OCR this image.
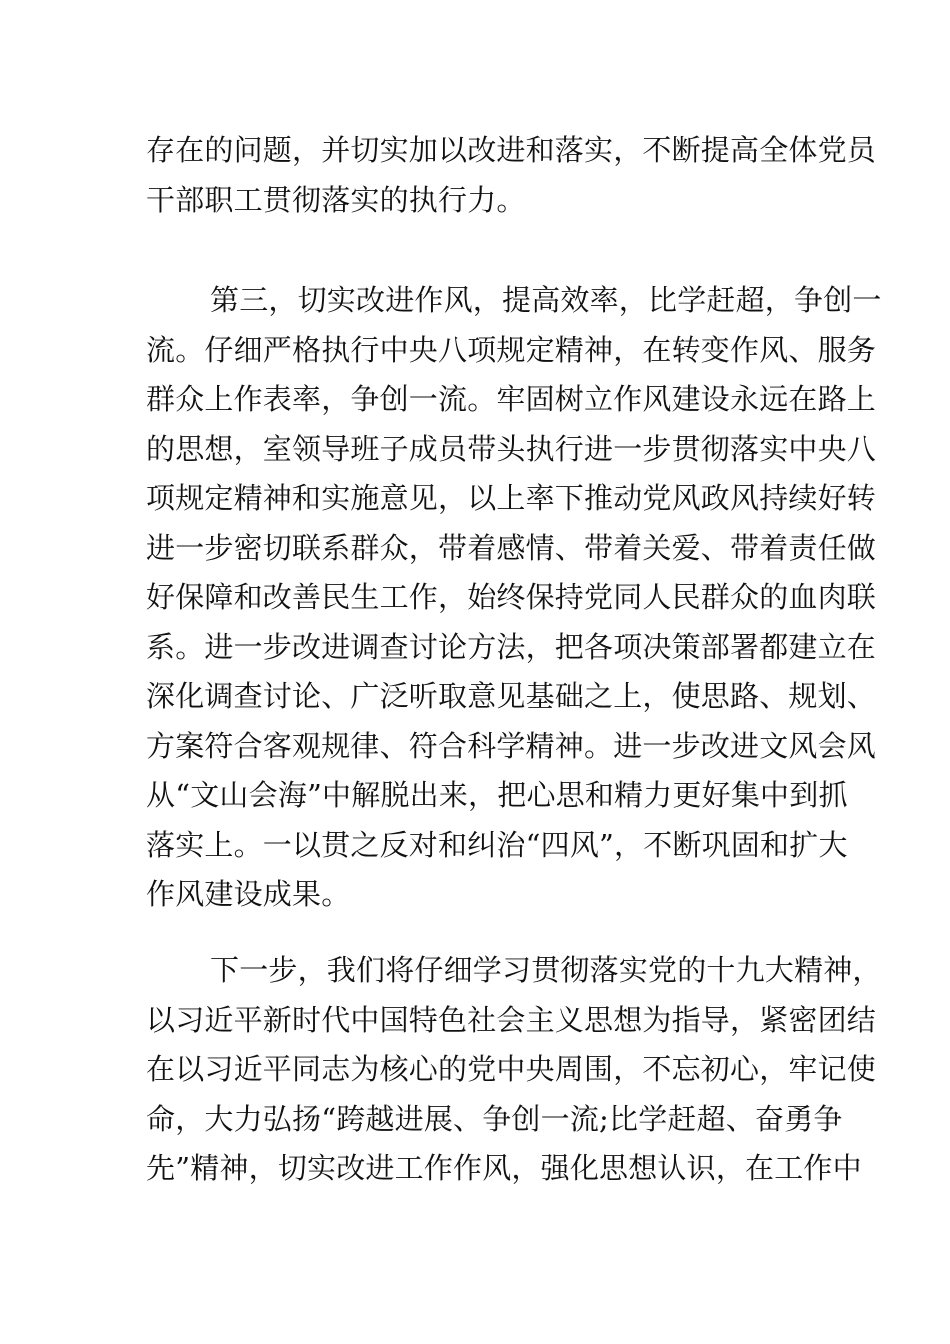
存在的问题，并切实加以改进和落实，不断提高全体党员
干部职工贯彻落实的执行力。
第三，切实改进作风，提高效率，比学赶超，争创一
流。仔细严格执行中央八项规定精神，在转变作风、服务
群众上作表率，争创一流。牢固树立作风建设永远在路上
的思想，室领导班子成员带头执行进一步贯彻落实中央八
项规定精神和实施意见，以上率下推动党风政风持续好转
进一步密切联系群众，带着感情、带着关爱、带着责任做
好保障和改善民生工作，始终保持党同人民群众的血肉联
系。进一步改进调查讨论方法，把各项决策部署都建立在
深化调查讨论、广泛听取意见基础之上，使思路、规划、
方案符合客观规律、符合科学精神。进一步改进文风会风
从“文山会海”中解脱出来，把心思和精力更好集中到抓
落实上。一以贯之反对和纠治“四风”，不断巩固和扩大
作风建设成果。
下一步，我们将仔细学习贯彻落实党的十九大精神，
以习近平新时代中国特色社会主义思想为指导，紧密团结
在以习近平同志为核心的党中央周围，不忘初心，牢记使
命，大力弘扬“跨越进展、争创一流;比学赶超、奋勇争
先”精神，切实改进工作作风，强化思想认识，在工作中
